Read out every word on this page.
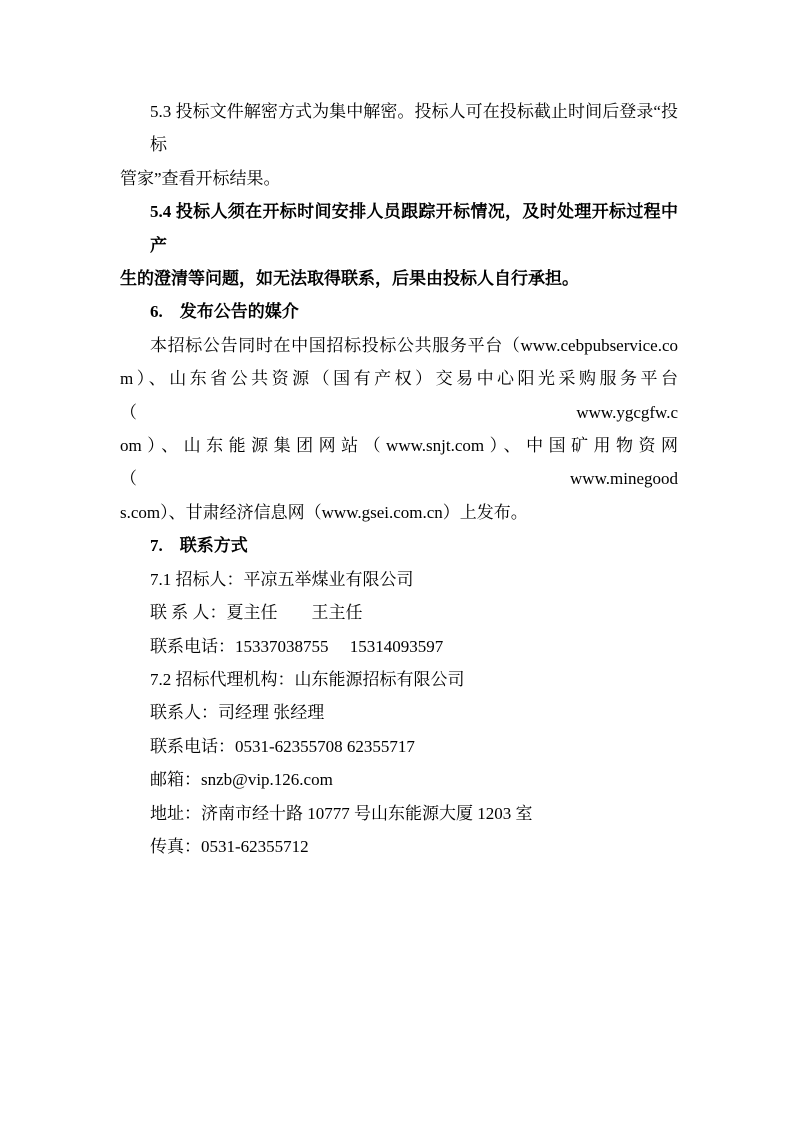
5.3 投标文件解密方式为集中解密。投标人可在投标截止时间后登录“投标
管家”查看开标结果。
5.4 投标人须在开标时间安排人员跟踪开标情况，及时处理开标过程中产
生的澄清等问题，如无法取得联系，后果由投标人自行承担。
6. 发布公告的媒介
本招标公告同时在中国招标投标公共服务平台（www.cebpubservice.co
m）、山东省公共资源（国有产权）交易中心阳光采购服务平台（www.ygcgfw.c
om）、山东能源集团网站（www.snjt.com）、中国矿用物资网（www.minegood
s.com）、甘肃经济信息网（www.gsei.com.cn）上发布。
7. 联系方式
7.1 招标人：平凉五举煤业有限公司
联 系 人：夏主任　　王主任
联系电话：15337038755　 15314093597
7.2 招标代理机构：山东能源招标有限公司
联系人：司经理 张经理
联系电话：0531-62355708 62355717
邮箱：snzb@vip.126.com
地址：济南市经十路 10777 号山东能源大厦 1203 室
传真：0531-62355712
